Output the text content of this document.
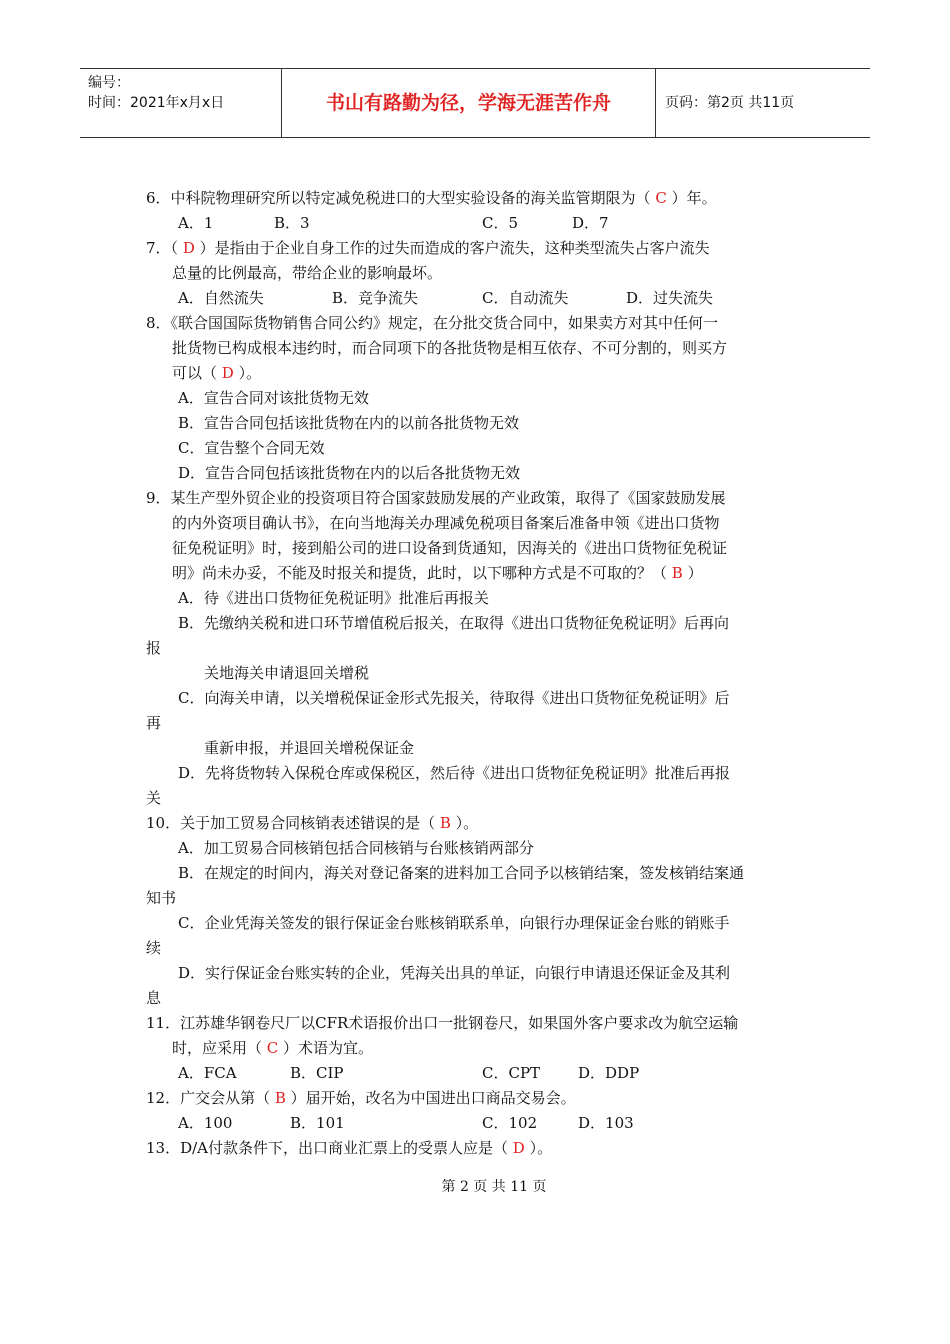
编号：
时间：2021年x月x日	书山有路勤为径，学海无涯苦作舟	页码：第2页 共11页
6．中科院物理研究所以特定减免税进口的大型实验设备的海关监管期限为（ C ）年。
A．1	B．3	C．5	D．7
7．（ D ）是指由于企业自身工作的过失而造成的客户流失，这种类型流失占客户流失
总量的比例最高，带给企业的影响最坏。
A．自然流失	B．竞争流失	C．自动流失	D．过失流失
8．《联合国国际货物销售合同公约》规定，在分批交货合同中，如果卖方对其中任何一
批货物已构成根本违约时，而合同项下的各批货物是相互依存、不可分割的，则买方
可以（ D ）。
A．宣告合同对该批货物无效
B．宣告合同包括该批货物在内的以前各批货物无效
C．宣告整个合同无效
D．宣告合同包括该批货物在内的以后各批货物无效
9．某生产型外贸企业的投资项目符合国家鼓励发展的产业政策，取得了《国家鼓励发展
的内外资项目确认书》，在向当地海关办理减免税项目备案后准备申领《进出口货物
征免税证明》时，接到船公司的进口设备到货通知，因海关的《进出口货物征免税证
明》尚未办妥，不能及时报关和提货，此时，以下哪种方式是不可取的？（ B ）
A．待《进出口货物征免税证明》批准后再报关
B．先缴纳关税和进口环节增值税后报关，在取得《进出口货物征免税证明》后再向
报
关地海关申请退回关增税
C．向海关申请，以关增税保证金形式先报关，待取得《进出口货物征免税证明》后
再
重新申报，并退回关增税保证金
D．先将货物转入保税仓库或保税区，然后待《进出口货物征免税证明》批准后再报
关
10．关于加工贸易合同核销表述错误的是（ B ）。
A．加工贸易合同核销包括合同核销与台账核销两部分
B．在规定的时间内，海关对登记备案的进料加工合同予以核销结案，签发核销结案通
知书
C．企业凭海关签发的银行保证金台账核销联系单，向银行办理保证金台账的销账手
续
D．实行保证金台账实转的企业，凭海关出具的单证，向银行申请退还保证金及其利
息
11．江苏雄华钢卷尺厂以CFR术语报价出口一批钢卷尺，如果国外客户要求改为航空运输
时，应采用（ C ）术语为宜。
A．FCA	B．CIP	C．CPT	D．DDP
12．广交会从第（ B ）届开始，改名为中国进出口商品交易会。
A．100	B．101	C．102	D．103
13．D/A付款条件下，出口商业汇票上的受票人应是（ D ）。
第 2 页 共 11 页
